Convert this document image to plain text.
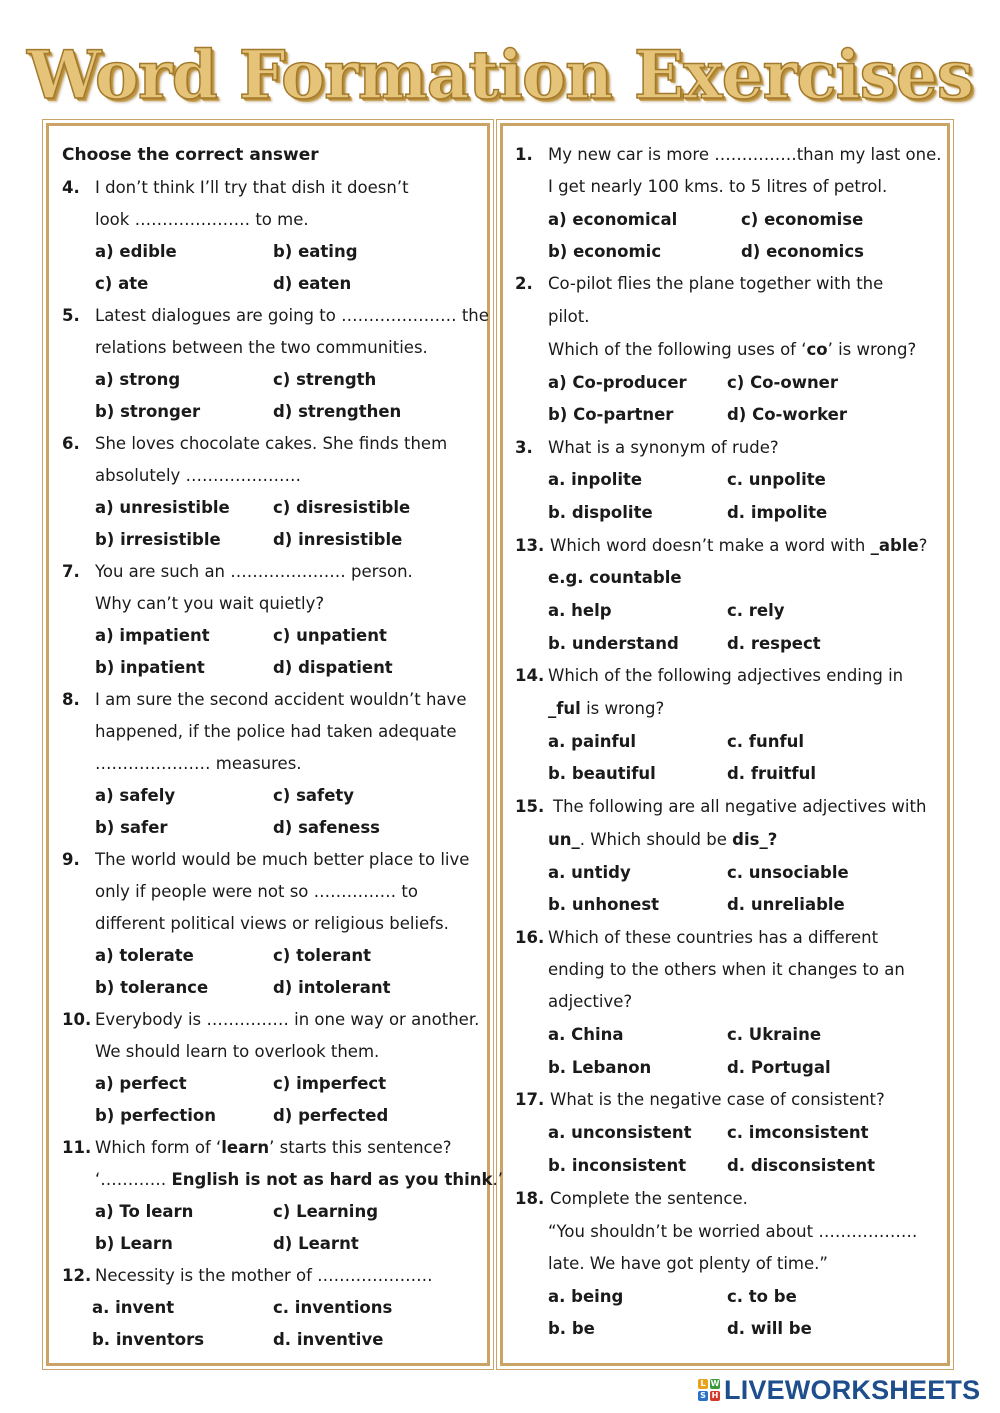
Word Formation Exercises
Choose the correct answer
4. I don’t think I’ll try that dish it doesn’t
look ………………… to me.
a) edible	b) eating
c) ate	d) eaten
5. Latest dialogues are going to ………………… the
relations between the two communities.
a) strong	c) strength
b) stronger	d) strengthen
6. She loves chocolate cakes. She finds them
absolutely …………………
a) unresistible	c) disresistible
b) irresistible	d) inresistible
7. You are such an ………………… person.
Why can’t you wait quietly?
a) impatient	c) unpatient
b) inpatient	d) dispatient
8. I am sure the second accident wouldn’t have
happened, if the police had taken adequate
………………… measures.
a) safely	c) safety
b) safer	d) safeness
9. The world would be much better place to live
only if people were not so …………… to
different political views or religious beliefs.
a) tolerate	c) tolerant
b) tolerance	d) intolerant
10. Everybody is …………… in one way or another.
We should learn to overlook them.
a) perfect	c) imperfect
b) perfection	d) perfected
11. Which form of ‘learn’ starts this sentence?
‘………… English is not as hard as you think.’
a) To learn	c) Learning
b) Learn	d) Learnt
12. Necessity is the mother of …………………
a. invent	c. inventions
b. inventors	d. inventive
1. My new car is more ……………than my last one.
I get nearly 100 kms. to 5 litres of petrol.
a) economical	c) economise
b) economic	d) economics
2. Co-pilot flies the plane together with the
pilot.
Which of the following uses of ‘co’ is wrong?
a) Co-producer c) Co-owner
b) Co-partner	d) Co-worker
3. What is a synonym of rude?
a. inpolite	c. unpolite
b. dispolite	d. impolite
13. Which word doesn’t make a word with _able?
e.g. countable
a. help	c. rely
b. understand	d. respect
14. Which of the following adjectives ending in
_ful is wrong?
a. painful	c. funful
b. beautiful	d. fruitful
15. The following are all negative adjectives with
un_. Which should be dis_?
a. untidy	c. unsociable
b. unhonest	d. unreliable
16. Which of these countries has a different
ending to the others when it changes to an
adjective?
a. China	c. Ukraine
b. Lebanon	d. Portugal
17. What is the negative case of consistent?
a. unconsistent c. imconsistent
b. inconsistent d. disconsistent
18. Complete the sentence.
“You shouldn’t be worried about ………………
late. We have got plenty of time.”
a. being	c. to be
b. be	d. will be
L W
S H LIVEWORKSHEETS
